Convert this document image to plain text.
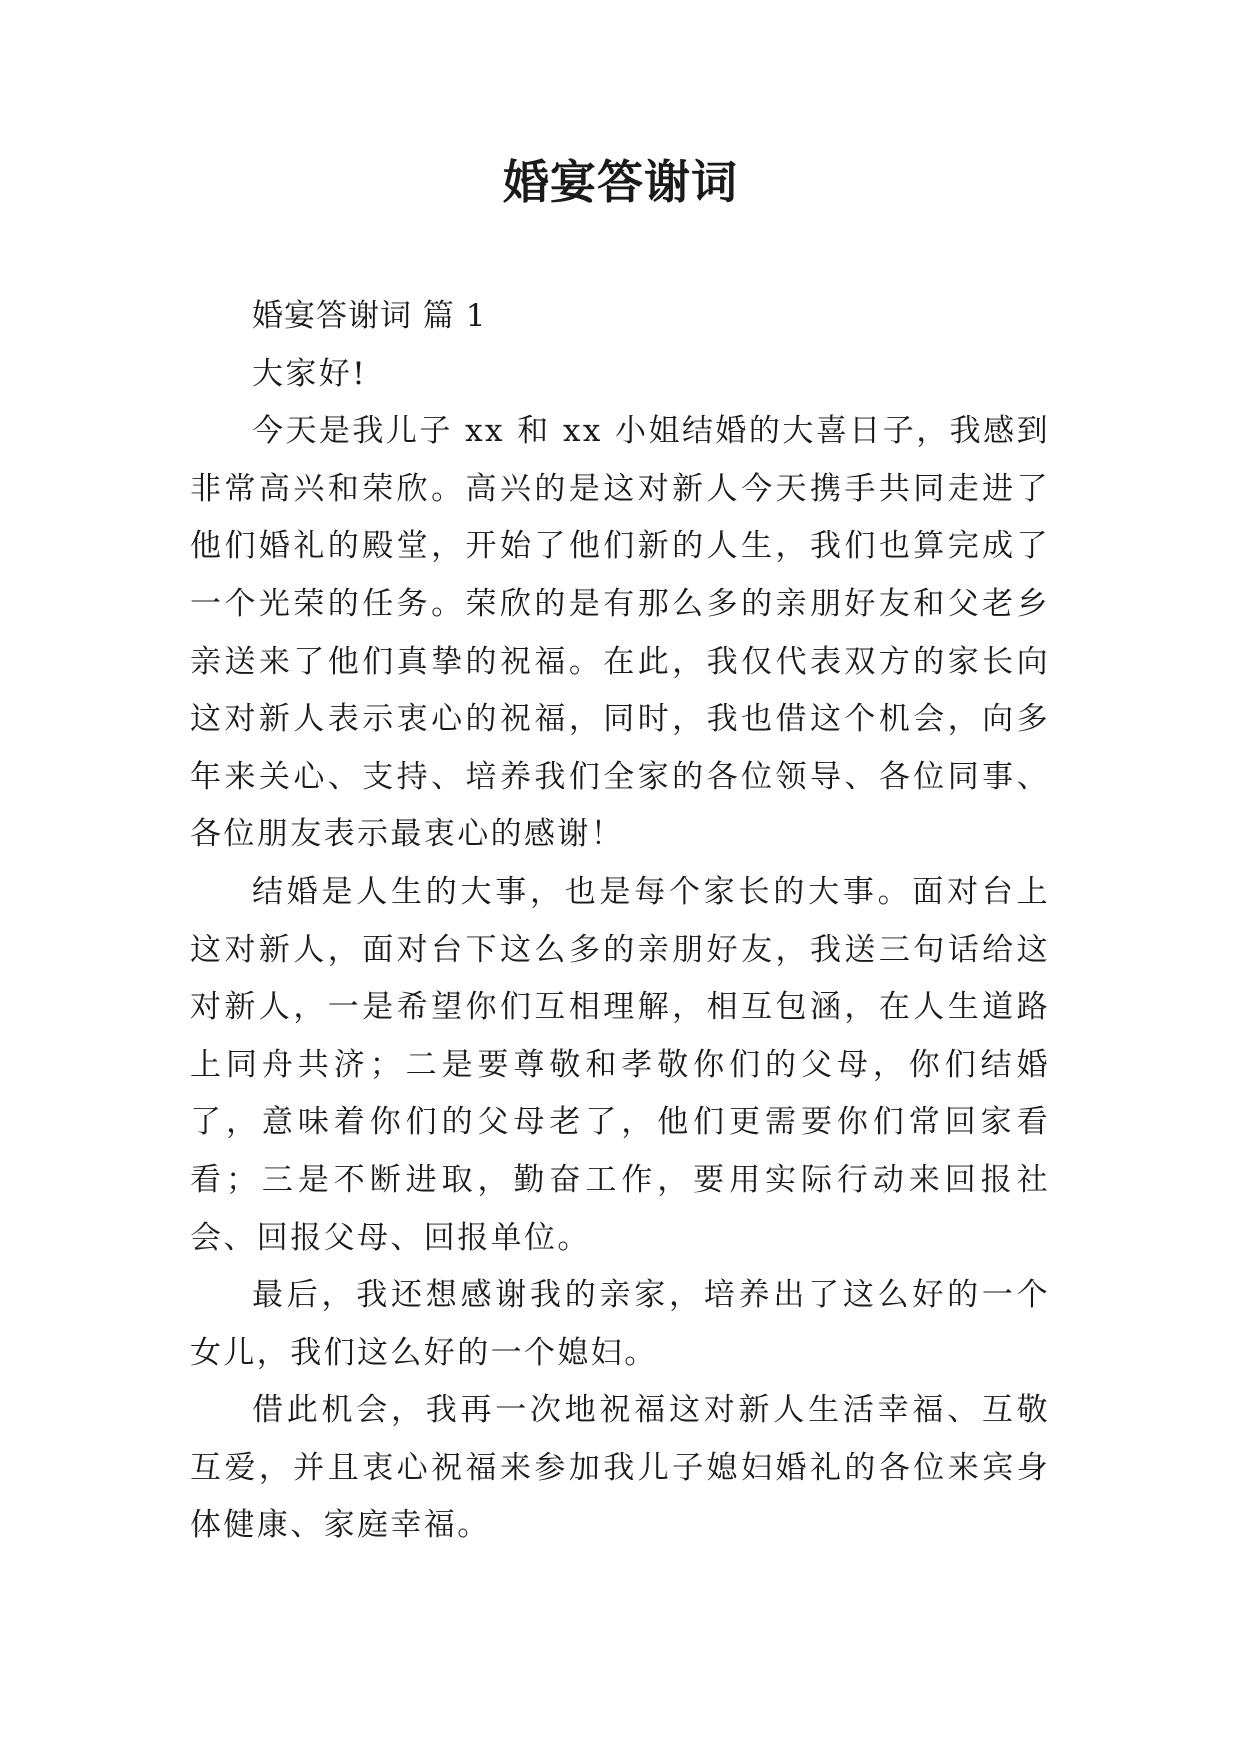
婚宴答谢词

婚宴答谢词 篇 1

大家好!

今天是我儿子 xx 和 xx 小姐结婚的大喜日子，我感到非常高兴和荣欣。高兴的是这对新人今天携手共同走进了他们婚礼的殿堂，开始了他们新的人生，我们也算完成了一个光荣的任务。荣欣的是有那么多的亲朋好友和父老乡亲送来了他们真挚的祝福。在此，我仅代表双方的家长向这对新人表示衷心的祝福，同时，我也借这个机会，向多年来关心、支持、培养我们全家的各位领导、各位同事、各位朋友表示最衷心的感谢！

结婚是人生的大事，也是每个家长的大事。面对台上这对新人，面对台下这么多的亲朋好友，我送三句话给这对新人，一是希望你们互相理解，相互包涵，在人生道路上同舟共济；二是要尊敬和孝敬你们的父母，你们结婚了，意味着你们的父母老了，他们更需要你们常回家看看；三是不断进取，勤奋工作，要用实际行动来回报社会、回报父母、回报单位。

最后，我还想感谢我的亲家，培养出了这么好的一个女儿，我们这么好的一个媳妇。

借此机会，我再一次地祝福这对新人生活幸福、互敬互爱，并且衷心祝福来参加我儿子媳妇婚礼的各位来宾身体健康、家庭幸福。
